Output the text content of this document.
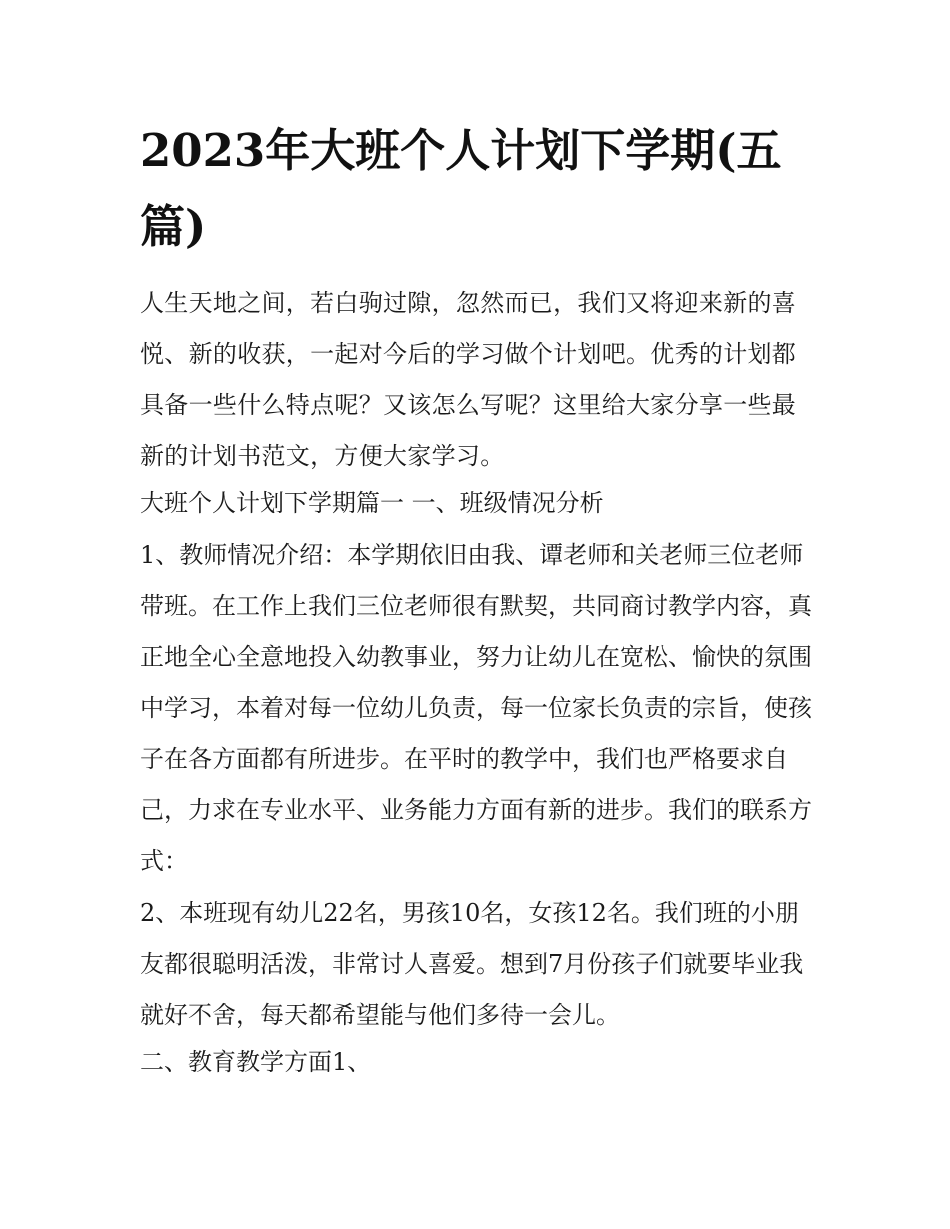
2023年大班个人计划下学期(五篇)

人生天地之间，若白驹过隙，忽然而已，我们又将迎来新的喜悦、新的收获，一起对今后的学习做个计划吧。优秀的计划都具备一些什么特点呢？又该怎么写呢？这里给大家分享一些最新的计划书范文，方便大家学习。

大班个人计划下学期篇一 一、班级情况分析

1、教师情况介绍：本学期依旧由我、谭老师和关老师三位老师带班。在工作上我们三位老师很有默契，共同商讨教学内容，真正地全心全意地投入幼教事业，努力让幼儿在宽松、愉快的氛围中学习，本着对每一位幼儿负责，每一位家长负责的宗旨，使孩子在各方面都有所进步。在平时的教学中，我们也严格要求自己，力求在专业水平、业务能力方面有新的进步。我们的联系方式：

2、本班现有幼儿22名，男孩10名，女孩12名。我们班的小朋友都很聪明活泼，非常讨人喜爱。想到7月份孩子们就要毕业我就好不舍，每天都希望能与他们多待一会儿。

二、教育教学方面1、
